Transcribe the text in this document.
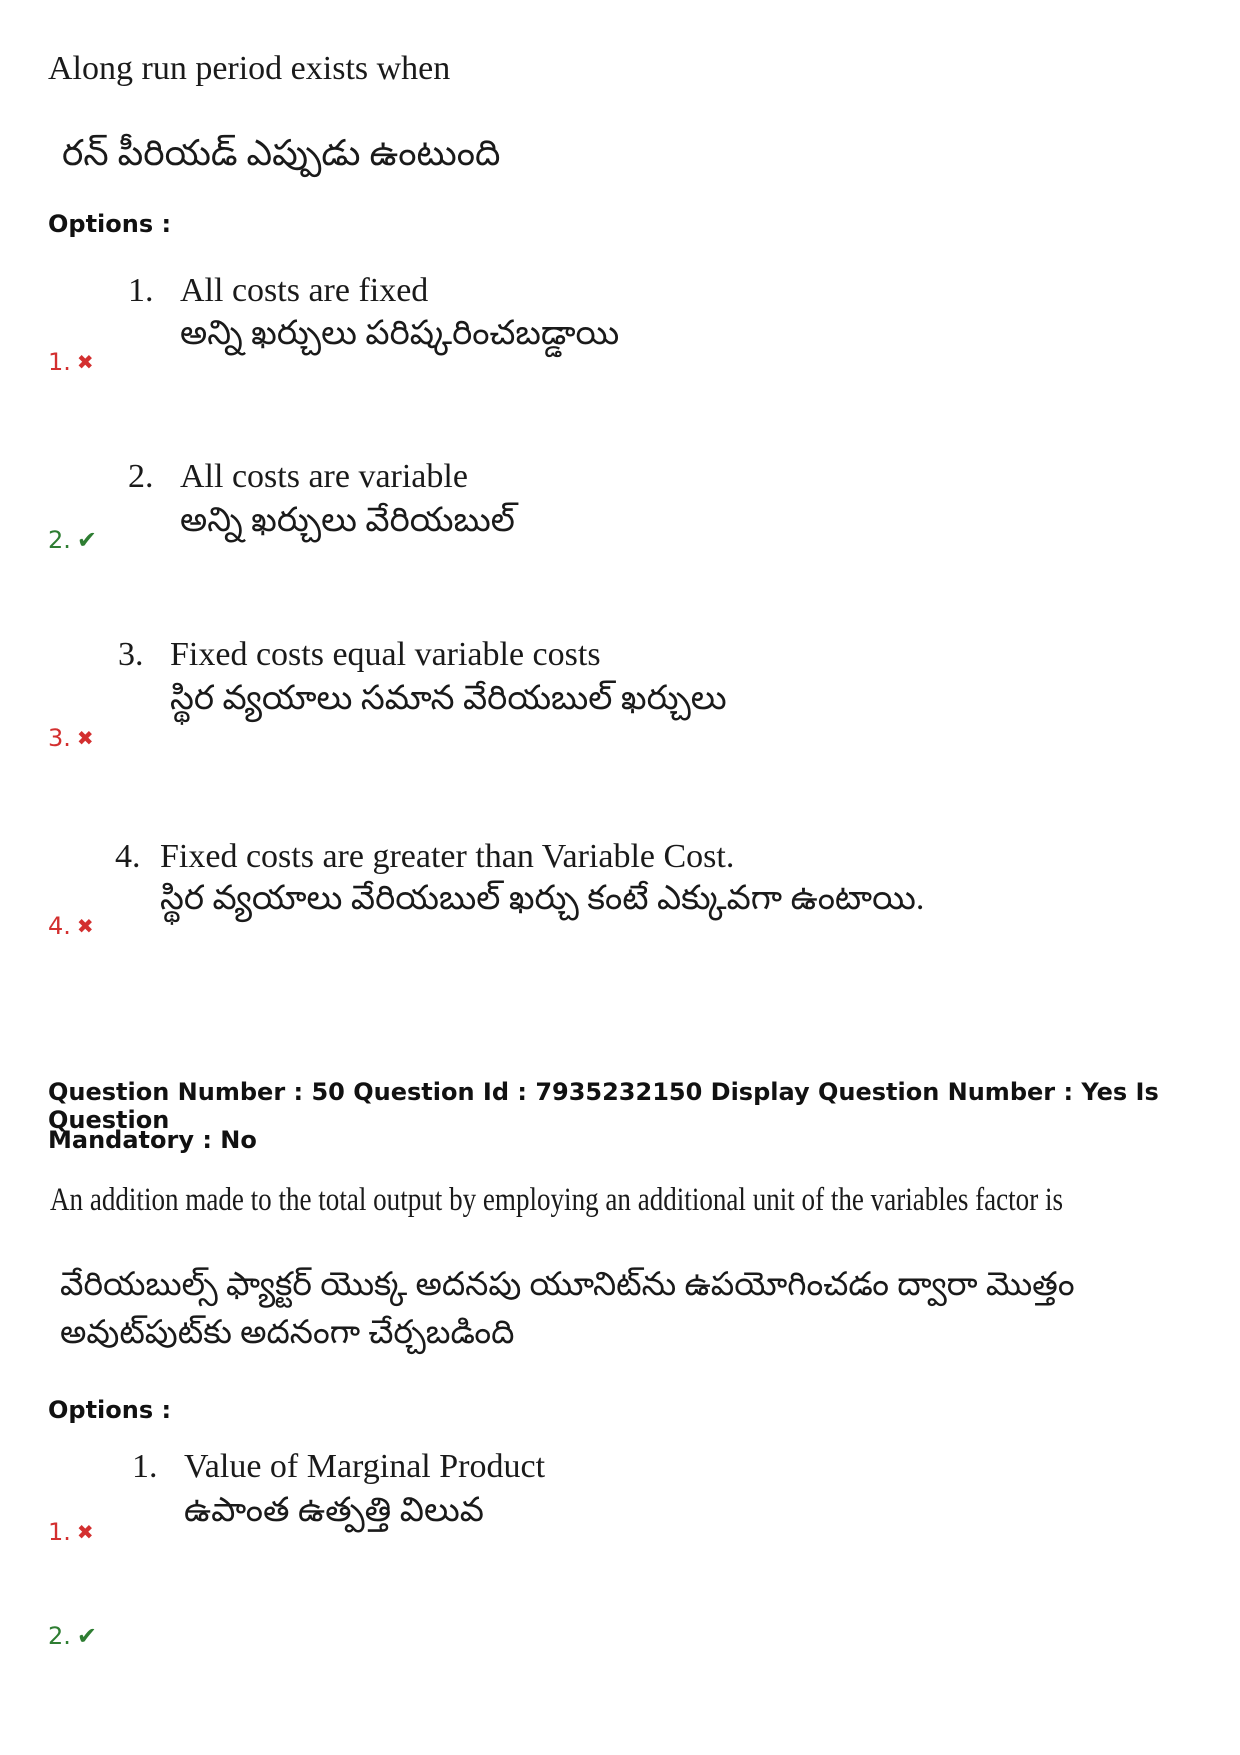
Along run period exists when
రన్ పీరియడ్ ఎప్పుడు ఉంటుంది
Options :
1. All costs are fixed
అన్ని ఖర్చులు పరిష్కరించబడ్డాయి
1. ✖
2. All costs are variable
అన్ని ఖర్చులు వేరియబుల్
2. ✔
3. Fixed costs equal variable costs
స్థిర వ్యయాలు సమాన వేరియబుల్ ఖర్చులు
3. ✖
4. Fixed costs are greater than Variable Cost.
స్థిర వ్యయాలు వేరియబుల్ ఖర్చు కంటే ఎక్కువగా ఉంటాయి.
4. ✖
Question Number : 50 Question Id : 7935232150 Display Question Number : Yes Is Question
Mandatory : No
An addition made to the total output by employing an additional unit of the variables factor is
వేరియబుల్స్ ఫ్యాక్టర్ యొక్క అదనపు యూనిట్‌ను ఉపయోగించడం ద్వారా మొత్తం
అవుట్‌పుట్‌కు అదనంగా చేర్చబడింది
Options :
1. Value of Marginal Product
ఉపాంత ఉత్పత్తి విలువ
1. ✖
2. ✔
